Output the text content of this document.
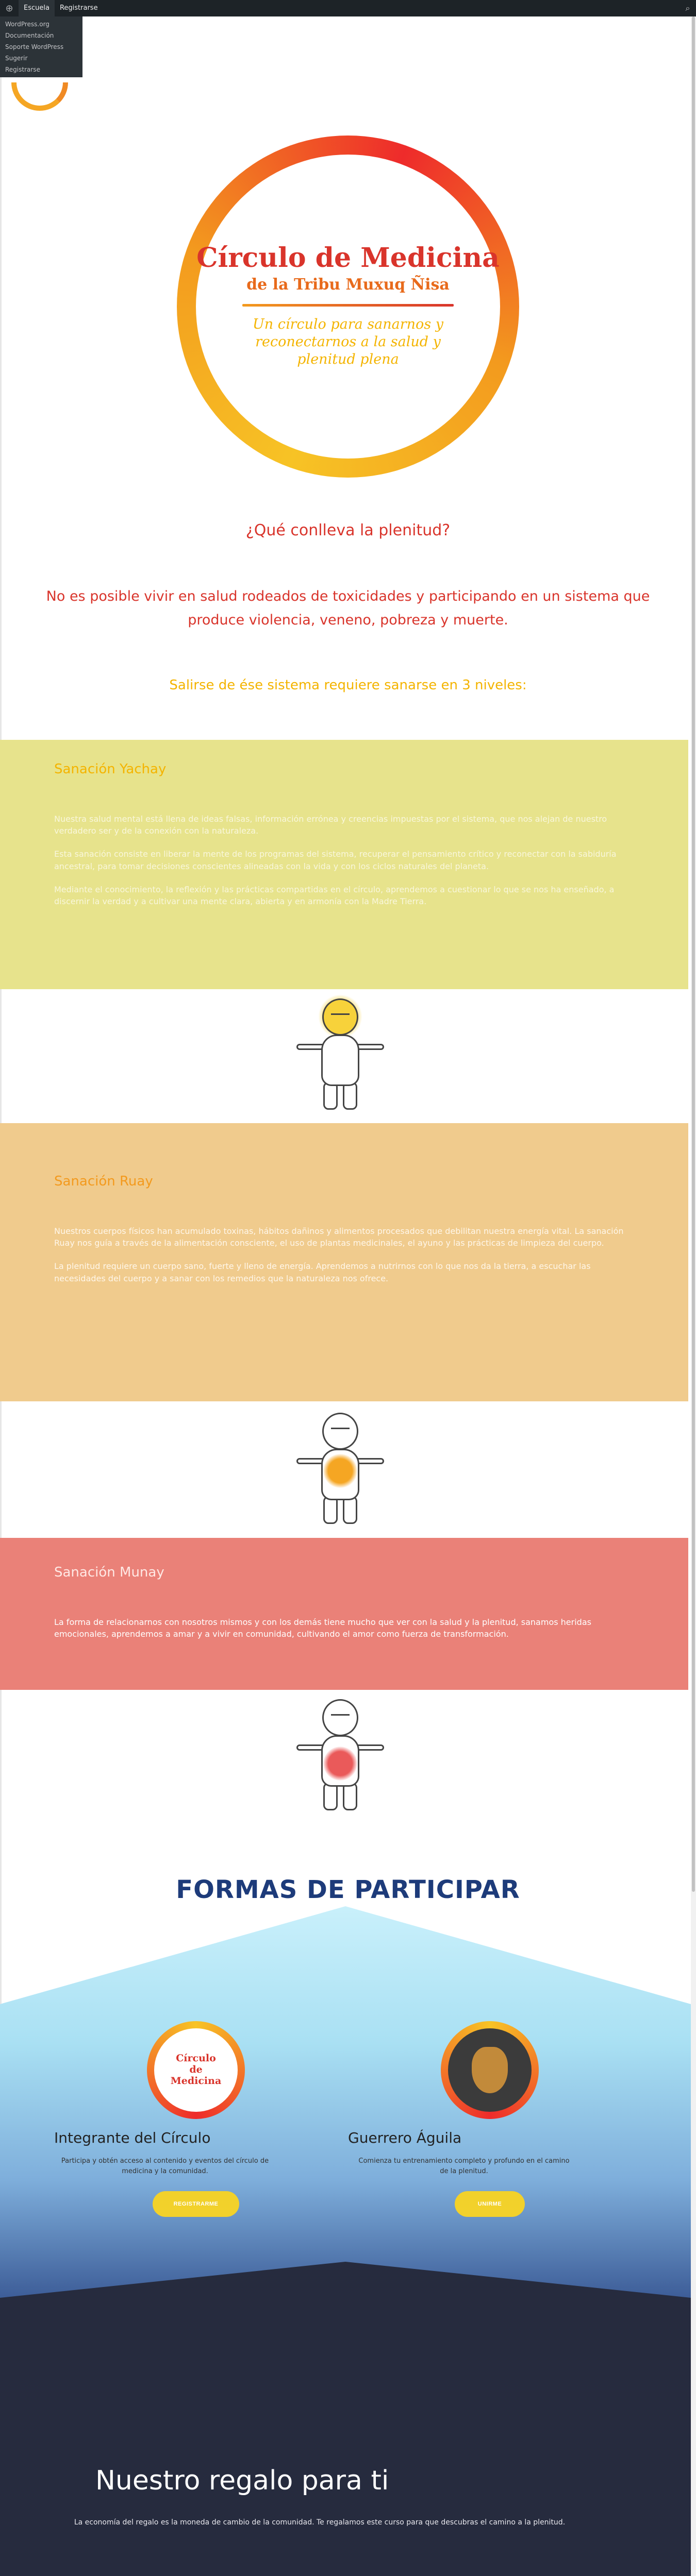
⊕	Escuela	Registrarse	⌕
WordPress.org
Documentación
Soporte WordPress
Sugerir
Registrarse
Círculo de Medicina
de la Tribu Muxuq Ñisa
Un círculo para sanarnos y reconectarnos a la salud y plenitud plena
¿Qué conlleva la plenitud?
No es posible vivir en salud rodeados de toxicidades y participando en un sistema que produce violencia, veneno, pobreza y muerte.
Salirse de ése sistema requiere sanarse en 3 niveles:
Sanación Yachay

Nuestra salud mental está llena de ideas falsas, información errónea y creencias impuestas por el sistema, que nos alejan de nuestro verdadero ser y de la conexión con la naturaleza.

Esta sanación consiste en liberar la mente de los programas del sistema, recuperar el pensamiento crítico y reconectar con la sabiduría ancestral, para tomar decisiones conscientes alineadas con la vida y con los ciclos naturales del planeta.

Mediante el conocimiento, la reflexión y las prácticas compartidas en el círculo, aprendemos a cuestionar lo que se nos ha enseñado, a discernir la verdad y a cultivar una mente clara, abierta y en armonía con la Madre Tierra.

Sanación Ruay

Nuestros cuerpos físicos han acumulado toxinas, hábitos dañinos y alimentos procesados que debilitan nuestra energía vital. La sanación Ruay nos guía a través de la alimentación consciente, el uso de plantas medicinales, el ayuno y las prácticas de limpieza del cuerpo.

La plenitud requiere un cuerpo sano, fuerte y lleno de energía. Aprendemos a nutrirnos con lo que nos da la tierra, a escuchar las necesidades del cuerpo y a sanar con los remedios que la naturaleza nos ofrece.

Sanación Munay

La forma de relacionarnos con nosotros mismos y con los demás tiene mucho que ver con la salud y la plenitud, sanamos heridas emocionales, aprendemos a amar y a vivir en comunidad, cultivando el amor como fuerza de transformación.

FORMAS DE PARTICIPAR
Círculo
de
Medicina
Integrante del Círculo	Guerrero Águila
Participa y obtén acceso al contenido y eventos del círculo de medicina y la comunidad.
Comienza tu entrenamiento completo y profundo en el camino de la plenitud.
REGISTRARME	UNIRME
Nuestro regalo para ti
La economía del regalo es la moneda de cambio de la comunidad. Te regalamos este curso para que descubras el camino a la plenitud.
